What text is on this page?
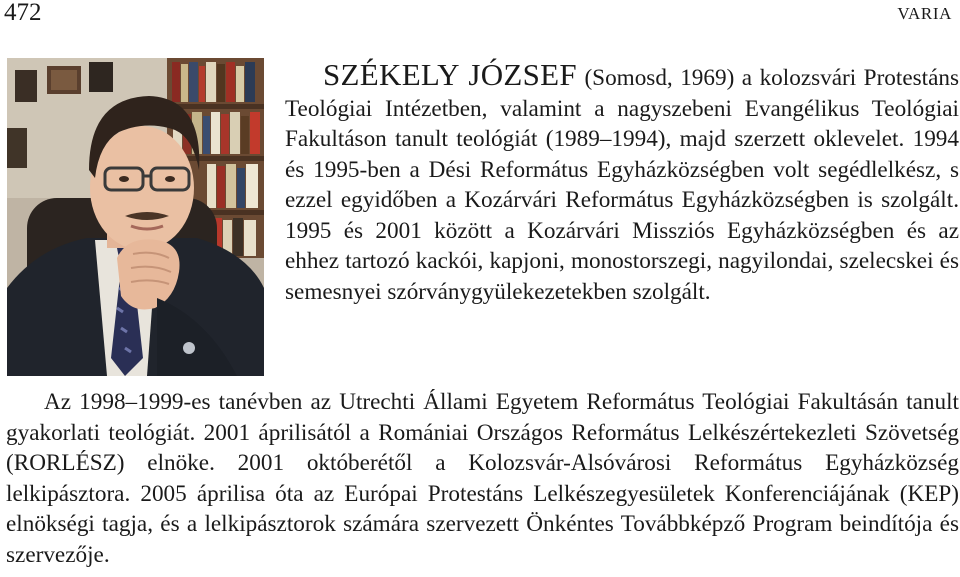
472	VARIA
SZÉKELY JÓZSEF (Somosd, 1969) a kolozsvári Protestáns Teológiai Intézetben, valamint a nagyszebeni Evangélikus Teológiai Fakultáson tanult teológiát (1989–1994), majd szerzett oklevelet. 1994 és 1995-ben a Dési Református Egyházközségben volt segédlelkész, s ezzel egyidőben a Kozárvári Református Egyházközségben is szolgált. 1995 és 2001 között a Kozárvári Missziós Egyházközségben és az ehhez tartozó kackói, kapjoni, monostorszegi, nagyilondai, szelecskei és semesnyei szórványgyülekezetekben szolgált.
Az 1998–1999-es tanévben az Utrechti Állami Egyetem Református Teológiai Fakultásán tanult gyakorlati teológiát. 2001 áprilisától a Romániai Országos Református Lelkészértekezleti Szövetség (RORLÉSZ) elnöke. 2001 októberétől a Kolozsvár-Alsóvárosi Református Egyházközség lelkipásztora. 2005 áprilisa óta az Európai Protestáns Lelkészegyesületek Konferenciájának (KEP) elnökségi tagja, és a lelkipásztorok számára szervezett Önkéntes Továbbképző Program beindítója és szervezője.
